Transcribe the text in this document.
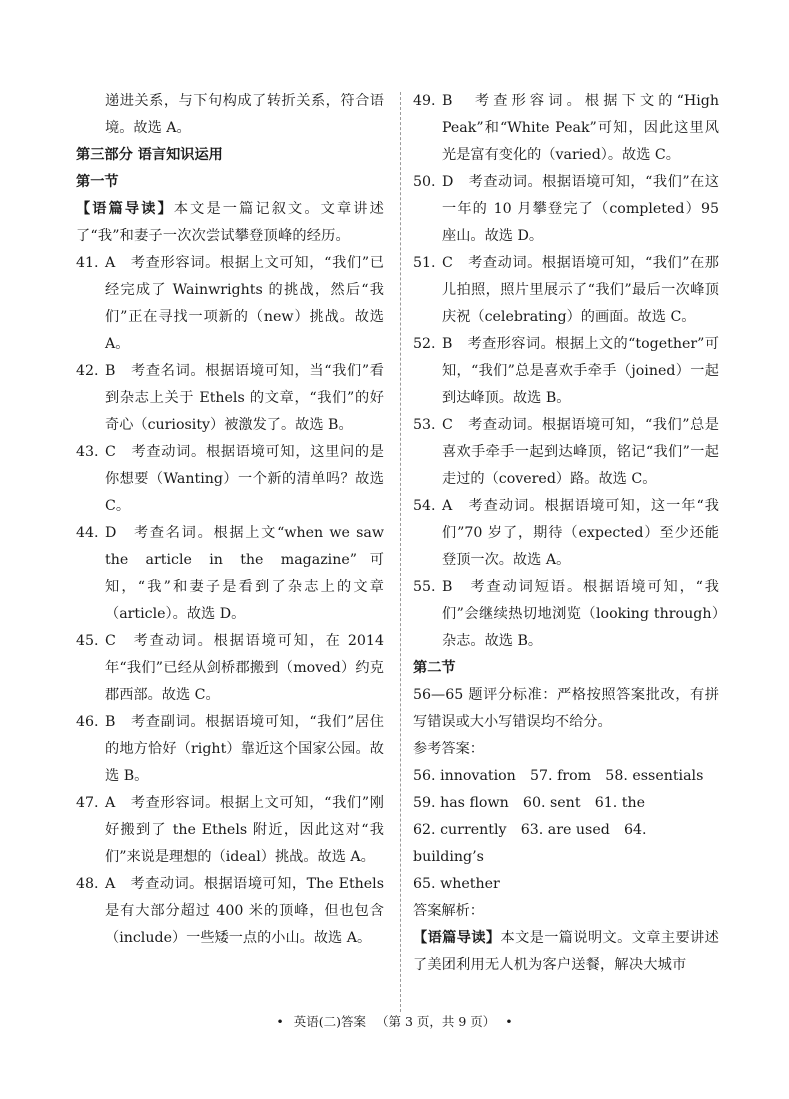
递进关系，与下句构成了转折关系，符合语境。故选 A。

第三部分 语言知识运用

第一节

【语篇导读】本文是一篇记叙文。文章讲述了“我”和妻子一次次尝试攀登顶峰的经历。

41. A　考查形容词。根据上文可知，“我们”已经完成了 Wainwrights 的挑战，然后“我们”正在寻找一项新的（new）挑战。故选 A。

42. B　考查名词。根据语境可知，当“我们”看到杂志上关于 Ethels 的文章，“我们”的好奇心（curiosity）被激发了。故选 B。

43. C　考查动词。根据语境可知，这里问的是你想要（Wanting）一个新的清单吗？故选 C。

44. D　考查名词。根据上文“when we saw the article in the magazine”可知，“我”和妻子是看到了杂志上的文章（article）。故选 D。

45. C　考查动词。根据语境可知，在 2014 年“我们”已经从剑桥郡搬到（moved）约克郡西部。故选 C。

46. B　考查副词。根据语境可知，“我们”居住的地方恰好（right）靠近这个国家公园。故选 B。

47. A　考查形容词。根据上文可知，“我们”刚好搬到了 the Ethels 附近，因此这对“我们”来说是理想的（ideal）挑战。故选 A。

48. A　考查动词。根据语境可知，The Ethels 是有大部分超过 400 米的顶峰，但也包含（include）一些矮一点的小山。故选 A。

49. B　考查形容词。根据下文的“High Peak”和“White Peak”可知，因此这里风光是富有变化的（varied）。故选 C。

50. D　考查动词。根据语境可知，“我们”在这一年的 10 月攀登完了（completed）95 座山。故选 D。

51. C　考查动词。根据语境可知，“我们”在那儿拍照，照片里展示了“我们”最后一次峰顶庆祝（celebrating）的画面。故选 C。

52. B　考查形容词。根据上文的“together”可知，“我们”总是喜欢手牵手（joined）一起到达峰顶。故选 B。

53. C　考查动词。根据语境可知，“我们”总是喜欢手牵手一起到达峰顶，铭记“我们”一起走过的（covered）路。故选 C。

54. A　考查动词。根据语境可知，这一年“我们”70 岁了，期待（expected）至少还能登顶一次。故选 A。

55. B　考查动词短语。根据语境可知，“我们”会继续热切地浏览（looking through）杂志。故选 B。

第二节

56—65 题评分标准：严格按照答案批改，有拼写错误或大小写错误均不给分。

参考答案：

56. innovation　57. from　58. essentials

59. has flown　60. sent　61. the

62. currently　63. are used　64. building’s

65. whether

答案解析：

【语篇导读】本文是一篇说明文。文章主要讲述了美团利用无人机为客户送餐，解决大城市

• 英语(二)答案 （第 3 页，共 9 页） •
